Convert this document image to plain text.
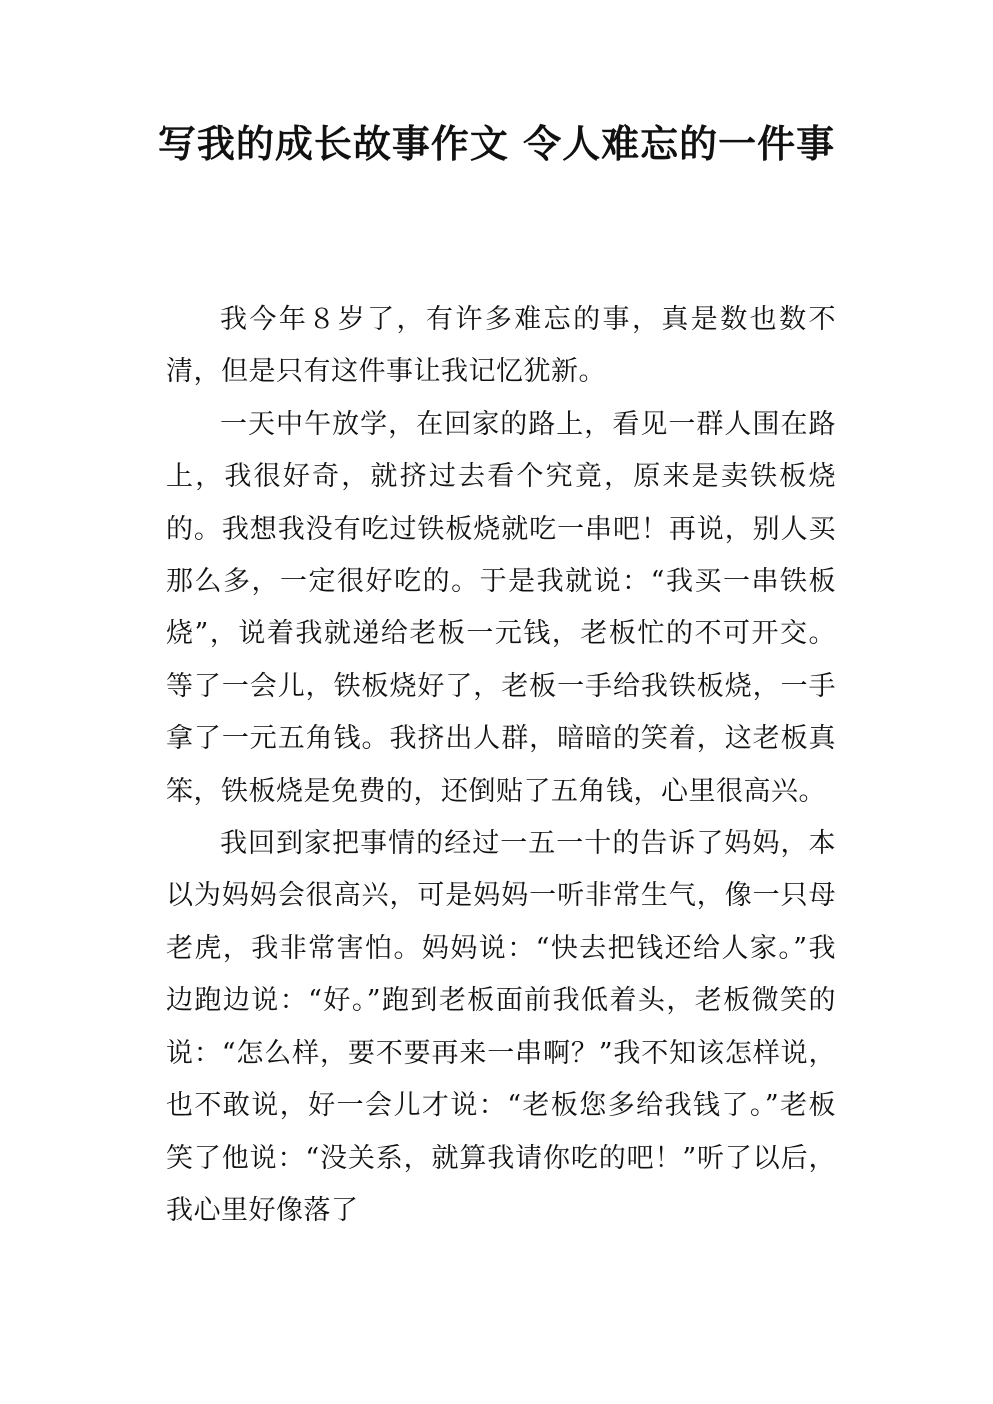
写我的成长故事作文 令人难忘的一件事

我今年８岁了，有许多难忘的事，真是数也数不清，但是只有这件事让我记忆犹新。

一天中午放学，在回家的路上，看见一群人围在路上，我很好奇，就挤过去看个究竟，原来是卖铁板烧的。我想我没有吃过铁板烧就吃一串吧！再说，别人买那么多，一定很好吃的。于是我就说：“我买一串铁板烧”，说着我就递给老板一元钱，老板忙的不可开交。等了一会儿，铁板烧好了，老板一手给我铁板烧，一手拿了一元五角钱。我挤出人群，暗暗的笑着，这老板真笨，铁板烧是免费的，还倒贴了五角钱，心里很高兴。

我回到家把事情的经过一五一十的告诉了妈妈，本以为妈妈会很高兴，可是妈妈一听非常生气，像一只母老虎，我非常害怕。妈妈说：“快去把钱还给人家。”我边跑边说：“好。”跑到老板面前我低着头，老板微笑的说：“怎么样，要不要再来一串啊？”我不知该怎样说，也不敢说，好一会儿才说：“老板您多给我钱了。”老板笑了他说：“没关系，就算我请你吃的吧！”听了以后，我心里好像落了
